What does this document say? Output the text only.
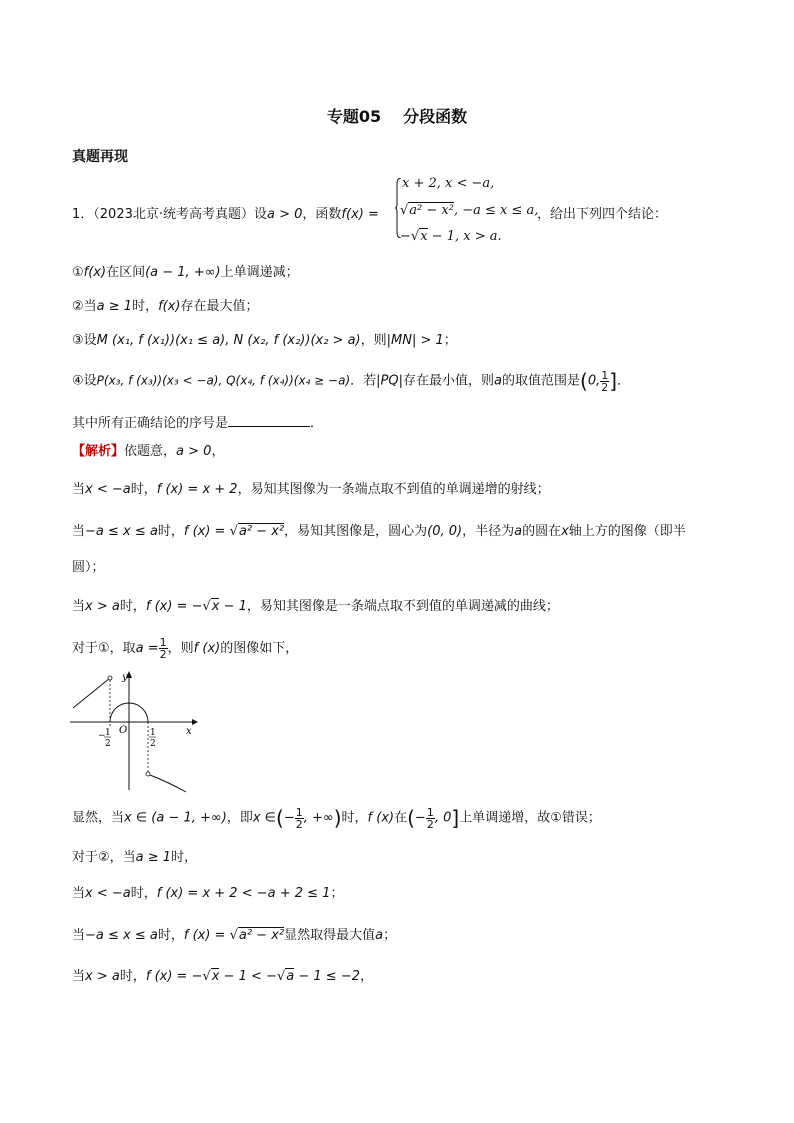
专题05 分段函数
真题再现
1．（2023北京·统考高考真题）设a > 0，函数f(x) =
x + 2, x < −a,
√a² − x², −a ≤ x ≤ a,
−√x − 1, x > a.
，给出下列四个结论：
①f(x)在区间(a − 1, +∞)上单调递减；
②当a ≥ 1时，f(x)存在最大值；
③设M (x₁, f (x₁))(x₁ ≤ a), N (x₂, f (x₂))(x₂ > a)，则|MN| > 1；
④设P(x₃, f (x₃))(x₃ < −a), Q(x₄, f (x₄))(x₄ ≥ −a)．若|PQ|存在最小值，则a的取值范围是(0, $\frac{1}{2}$ ]．
其中所有正确结论的序号是	．
【解析】依题意，a > 0，
当x < −a时，f (x) = x + 2，易知其图像为一条端点取不到值的单调递增的射线；
当−a ≤ x ≤ a时，f (x) = √a² − x²，易知其图像是，圆心为(0, 0)，半径为a的圆在x轴上方的图像（即半
圆）；
当x > a时，f (x) = −√x − 1，易知其图像是一条端点取不到值的单调递减的曲线；
对于①，取$a = \frac{1}{2}$ ，则f (x)的图像如下，
y
x
O
− 1
2
1
2
显然，当x ∈ (a − 1, +∞)，即x ∈(− $\frac{1}{2}$ , +∞)时，f (x)在(− $\frac{1}{2}$ , 0]上单调递增，故①错误；
对于②，当a ≥ 1时，
当x < −a时，f (x) = x + 2 < −a + 2 ≤ 1；
当−a ≤ x ≤ a时，f (x) = √a² − x²显然取得最大值a；
当x > a时，f (x) = −√x − 1 < −√a − 1 ≤ −2，
